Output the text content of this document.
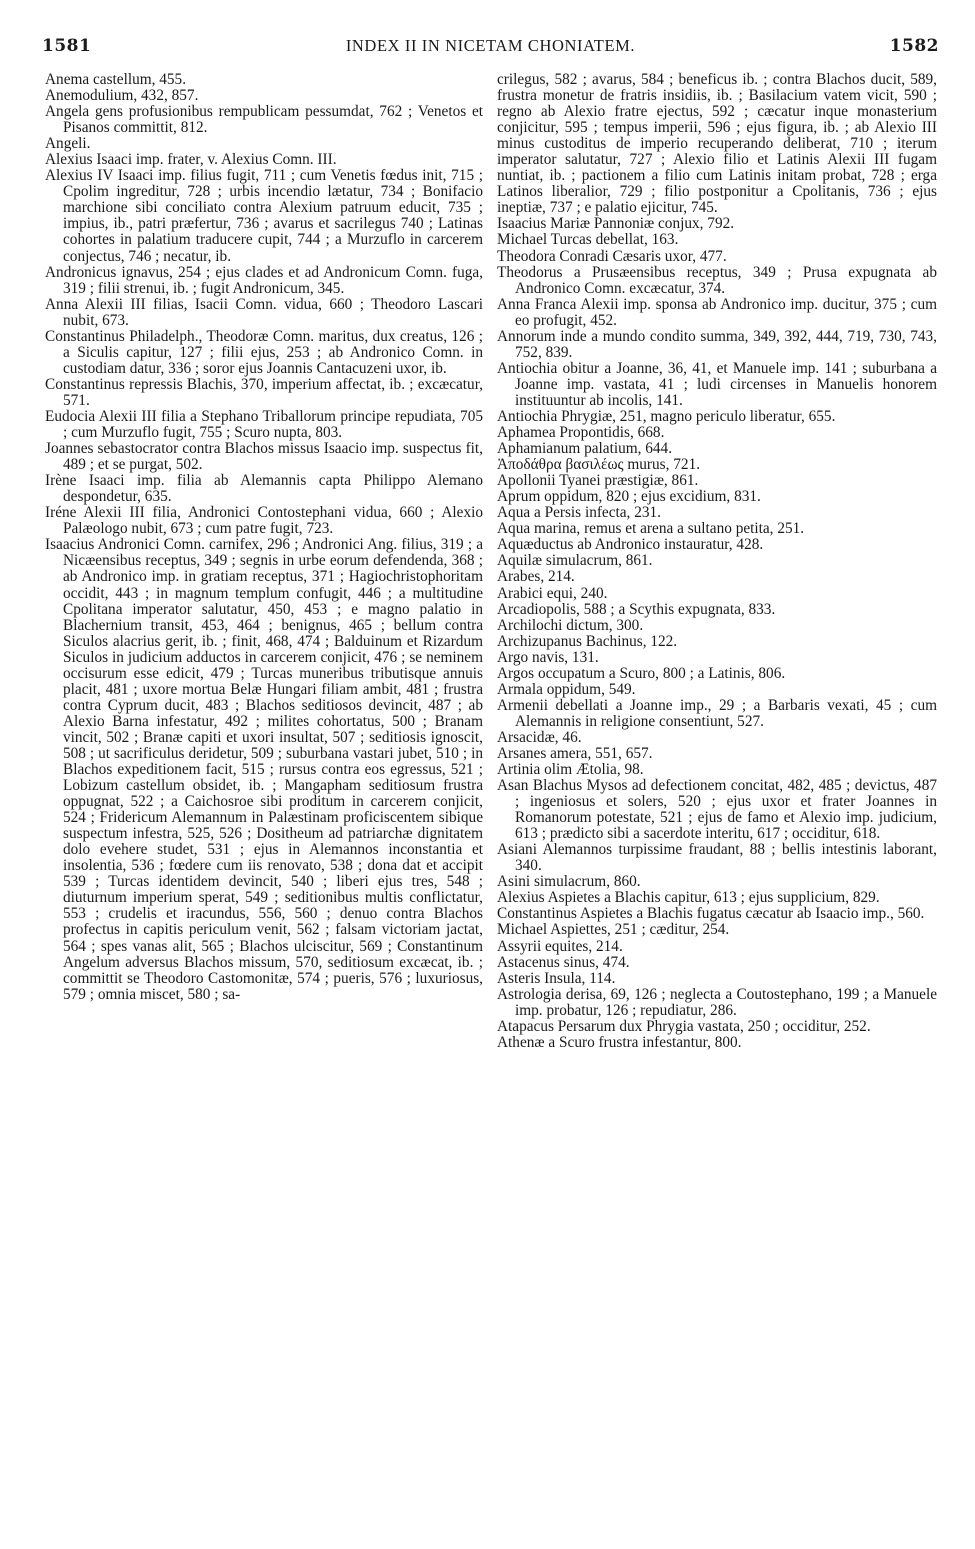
1581	INDEX II IN NICETAM CHONIATEM.	1582

Anema castellum, 455.

Anemodulium, 432, 857.

Angela gens profusionibus rempublicam pessumdat, 762 ; Venetos et Pisanos committit, 812.

Angeli.

Alexius Isaaci imp. frater, v. Alexius Comn. III.

Alexius IV Isaaci imp. filius fugit, 711 ; cum Venetis fœdus init, 715 ; Cpolim ingreditur, 728 ; urbis incendio lætatur, 734 ; Bonifacio marchione sibi conciliato contra Alexium patruum educit, 735 ; impius, ib., patri præfertur, 736 ; avarus et sacrilegus 740 ; Latinas cohortes in palatium traducere cupit, 744 ; a Murzuflo in carcerem conjectus, 746 ; necatur, ib.

Andronicus ignavus, 254 ; ejus clades et ad Andronicum Comn. fuga, 319 ; filii strenui, ib. ; fugit Andronicum, 345.

Anna Alexii III filias, Isacii Comn. vidua, 660 ; Theodoro Lascari nubit, 673.

Constantinus Philadelph., Theodoræ Comn. maritus, dux creatus, 126 ; a Siculis capitur, 127 ; filii ejus, 253 ; ab Andronico Comn. in custodiam datur, 336 ; soror ejus Joannis Cantacuzeni uxor, ib.

Constantinus repressis Blachis, 370, imperium affectat, ib. ; excæcatur, 571.

Eudocia Alexii III filia a Stephano Triballorum principe repudiata, 705 ; cum Murzuflo fugit, 755 ; Scuro nupta, 803.

Joannes sebastocrator contra Blachos missus Isaacio imp. suspectus fit, 489 ; et se purgat, 502.

Irène Isaaci imp. filia ab Alemannis capta Philippo Alemano despondetur, 635.

Iréne Alexii III filia, Andronici Contostephani vidua, 660 ; Alexio Palæologo nubit, 673 ; cum patre fugit, 723.

Isaacius Andronici Comn. carnifex, 296 ; Andronici Ang. filius, 319 ; a Nicæensibus receptus, 349 ; segnis in urbe eorum defendenda, 368 ; ab Andronico imp. in gratiam receptus, 371 ; Hagiochristophoritam occidit, 443 ; in magnum templum confugit, 446 ; a multitudine Cpolitana imperator salutatur, 450, 453 ; e magno palatio in Blachernium transit, 453, 464 ; benignus, 465 ; bellum contra Siculos alacrius gerit, ib. ; finit, 468, 474 ; Balduinum et Rizardum Siculos in judicium adductos in carcerem conjicit, 476 ; se neminem occisurum esse edicit, 479 ; Turcas muneribus tributisque annuis placit, 481 ; uxore mortua Belæ Hungari filiam ambit, 481 ; frustra contra Cyprum ducit, 483 ; Blachos seditiosos devincit, 487 ; ab Alexio Barna infestatur, 492 ; milites cohortatus, 500 ; Branam vincit, 502 ; Branæ capiti et uxori insultat, 507 ; seditiosis ignoscit, 508 ; ut sacrificulus deridetur, 509 ; suburbana vastari jubet, 510 ; in Blachos expeditionem facit, 515 ; rursus contra eos egressus, 521 ; Lobizum castellum obsidet, ib. ; Mangapham seditiosum frustra oppugnat, 522 ; a Caichosroe sibi proditum in carcerem conjicit, 524 ; Fridericum Alemannum in Palæstinam proficiscentem sibique suspectum infestra, 525, 526 ; Dositheum ad patriarchæ dignitatem dolo evehere studet, 531 ; ejus in Alemannos inconstantia et insolentia, 536 ; fœdere cum iis renovato, 538 ; dona dat et accipit 539 ; Turcas identidem devincit, 540 ; liberi ejus tres, 548 ; diuturnum imperium sperat, 549 ; seditionibus multis conflictatur, 553 ; crudelis et iracundus, 556, 560 ; denuo contra Blachos profectus in capitis periculum venit, 562 ; falsam victoriam jactat, 564 ; spes vanas alit, 565 ; Blachos ulciscitur, 569 ; Constantinum Angelum adversus Blachos missum, 570, seditiosum excæcat, ib. ; committit se Theodoro Castomonitæ, 574 ; pueris, 576 ; luxuriosus, 579 ; omnia miscet, 580 ; sa-

crilegus, 582 ; avarus, 584 ; beneficus ib. ; contra Blachos ducit, 589, frustra monetur de fratris insidiis, ib. ; Basilacium vatem vicit, 590 ; regno ab Alexio fratre ejectus, 592 ; cæcatur inque monasterium conjicitur, 595 ; tempus imperii, 596 ; ejus figura, ib. ; ab Alexio III minus custoditus de imperio recuperando deliberat, 710 ; iterum imperator salutatur, 727 ; Alexio filio et Latinis Alexii III fugam nuntiat, ib. ; pactionem a filio cum Latinis initam probat, 728 ; erga Latinos liberalior, 729 ; filio postponitur a Cpolitanis, 736 ; ejus ineptiæ, 737 ; e palatio ejicitur, 745.

Isaacius Mariæ Pannoniæ conjux, 792.

Michael Turcas debellat, 163.

Theodora Conradi Cæsaris uxor, 477.

Theodorus a Prusæensibus receptus, 349 ; Prusa expugnata ab Andronico Comn. excæcatur, 374.

Anna Franca Alexii imp. sponsa ab Andronico imp. ducitur, 375 ; cum eo profugit, 452.

Annorum inde a mundo condito summa, 349, 392, 444, 719, 730, 743, 752, 839.

Antiochia obitur a Joanne, 36, 41, et Manuele imp. 141 ; suburbana a Joanne imp. vastata, 41 ; ludi circenses in Manuelis honorem instituuntur ab incolis, 141.

Antiochia Phrygiæ, 251, magno periculo liberatur, 655.

Aphamea Propontidis, 668.

Aphamianum palatium, 644.

Ἀποδάθρα βασιλέως murus, 721.

Apollonii Tyanei præstigiæ, 861.

Aprum oppidum, 820 ; ejus excidium, 831.

Aqua a Persis infecta, 231.

Aqua marina, remus et arena a sultano petita, 251.

Aquæductus ab Andronico instauratur, 428.

Aquilæ simulacrum, 861.

Arabes, 214.

Arabici equi, 240.

Arcadiopolis, 588 ; a Scythis expugnata, 833.

Archilochi dictum, 300.

Archizupanus Bachinus, 122.

Argo navis, 131.

Argos occupatum a Scuro, 800 ; a Latinis, 806.

Armala oppidum, 549.

Armenii debellati a Joanne imp., 29 ; a Barbaris vexati, 45 ; cum Alemannis in religione consentiunt, 527.

Arsacidæ, 46.

Arsanes amera, 551, 657.

Artinia olim Ætolia, 98.

Asan Blachus Mysos ad defectionem concitat, 482, 485 ; devictus, 487 ; ingeniosus et solers, 520 ; ejus uxor et frater Joannes in Romanorum potestate, 521 ; ejus de famo et Alexio imp. judicium, 613 ; prædicto sibi a sacerdote interitu, 617 ; occiditur, 618.

Asiani Alemannos turpissime fraudant, 88 ; bellis intestinis laborant, 340.

Asini simulacrum, 860.

Alexius Aspietes a Blachis capitur, 613 ; ejus supplicium, 829.

Constantinus Aspietes a Blachis fugatus cæcatur ab Isaacio imp., 560.

Michael Aspiettes, 251 ; cæditur, 254.

Assyrii equites, 214.

Astacenus sinus, 474.

Asteris Insula, 114.

Astrologia derisa, 69, 126 ; neglecta a Coutostephano, 199 ; a Manuele imp. probatur, 126 ; repudiatur, 286.

Atapacus Persarum dux Phrygia vastata, 250 ; occiditur, 252.

Athenæ a Scuro frustra infestantur, 800.
